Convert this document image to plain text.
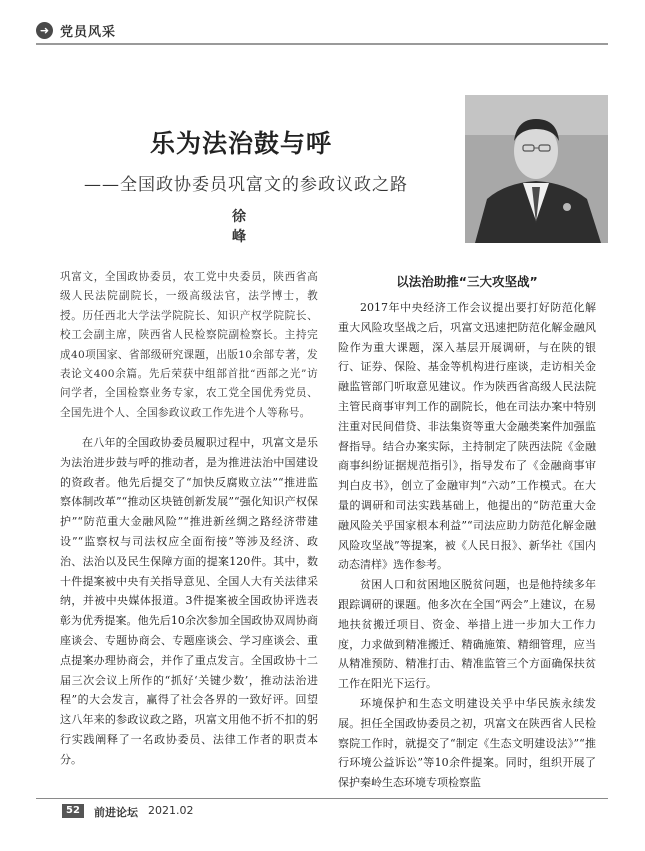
➜ 党员风采
乐为法治鼓与呼
——全国政协委员巩富文的参政议政之路
徐　峰
巩富文，全国政协委员，农工党中央委员，陕西省高级人民法院副院长，一级高级法官，法学博士，教授。历任西北大学法学院院长、知识产权学院院长、校工会副主席，陕西省人民检察院副检察长。主持完成40项国家、省部级研究课题，出版10余部专著，发表论文400余篇。先后荣获中组部首批“西部之光”访问学者，全国检察业务专家，农工党全国优秀党员、全国先进个人、全国参政议政工作先进个人等称号。

在八年的全国政协委员履职过程中，巩富文是乐为法治进步鼓与呼的推动者，是为推进法治中国建设的资政者。他先后提交了“加快反腐败立法”“推进监察体制改革”“推动区块链创新发展”“强化知识产权保护”“防范重大金融风险”“推进新丝绸之路经济带建设”“监察权与司法权应全面衔接”等涉及经济、政治、法治以及民生保障方面的提案120件。其中，数十件提案被中央有关指导意见、全国人大有关法律采纳，并被中央媒体报道。3件提案被全国政协评选表彰为优秀提案。他先后10余次参加全国政协双周协商座谈会、专题协商会、专题座谈会、学习座谈会、重点提案办理协商会，并作了重点发言。全国政协十二届三次会议上所作的“抓好‘关键少数’，推动法治进程”的大会发言，赢得了社会各界的一致好评。回望这八年来的参政议政之路，巩富文用他不折不扣的躬行实践阐释了一名政协委员、法律工作者的职责本分。

以法治助推“三大攻坚战”

2017年中央经济工作会议提出要打好防范化解重大风险攻坚战之后，巩富文迅速把防范化解金融风险作为重大课题，深入基层开展调研，与在陕的银行、证券、保险、基金等机构进行座谈，走访相关金融监管部门听取意见建议。作为陕西省高级人民法院主管民商事审判工作的副院长，他在司法办案中特别注重对民间借贷、非法集资等重大金融类案件加强监督指导。结合办案实际，主持制定了陕西法院《金融商事纠纷证据规范指引》，指导发布了《金融商事审判白皮书》，创立了金融审判“六动”工作模式。在大量的调研和司法实践基础上，他提出的“防范重大金融风险关乎国家根本利益”“司法应助力防范化解金融风险攻坚战”等提案，被《人民日报》、新华社《国内动态清样》选作参考。

贫困人口和贫困地区脱贫问题，也是他持续多年跟踪调研的课题。他多次在全国“两会”上建议，在易地扶贫搬迁项目、资金、举措上进一步加大工作力度，力求做到精准搬迁、精确施策、精细管理，应当从精准预防、精准打击、精准监管三个方面确保扶贫工作在阳光下运行。

环境保护和生态文明建设关乎中华民族永续发展。担任全国政协委员之初，巩富文在陕西省人民检察院工作时，就提交了“制定《生态文明建设法》”“推行环境公益诉讼”等10余件提案。同时，组织开展了保护秦岭生态环境专项检察监

52	前进论坛 2021.02
